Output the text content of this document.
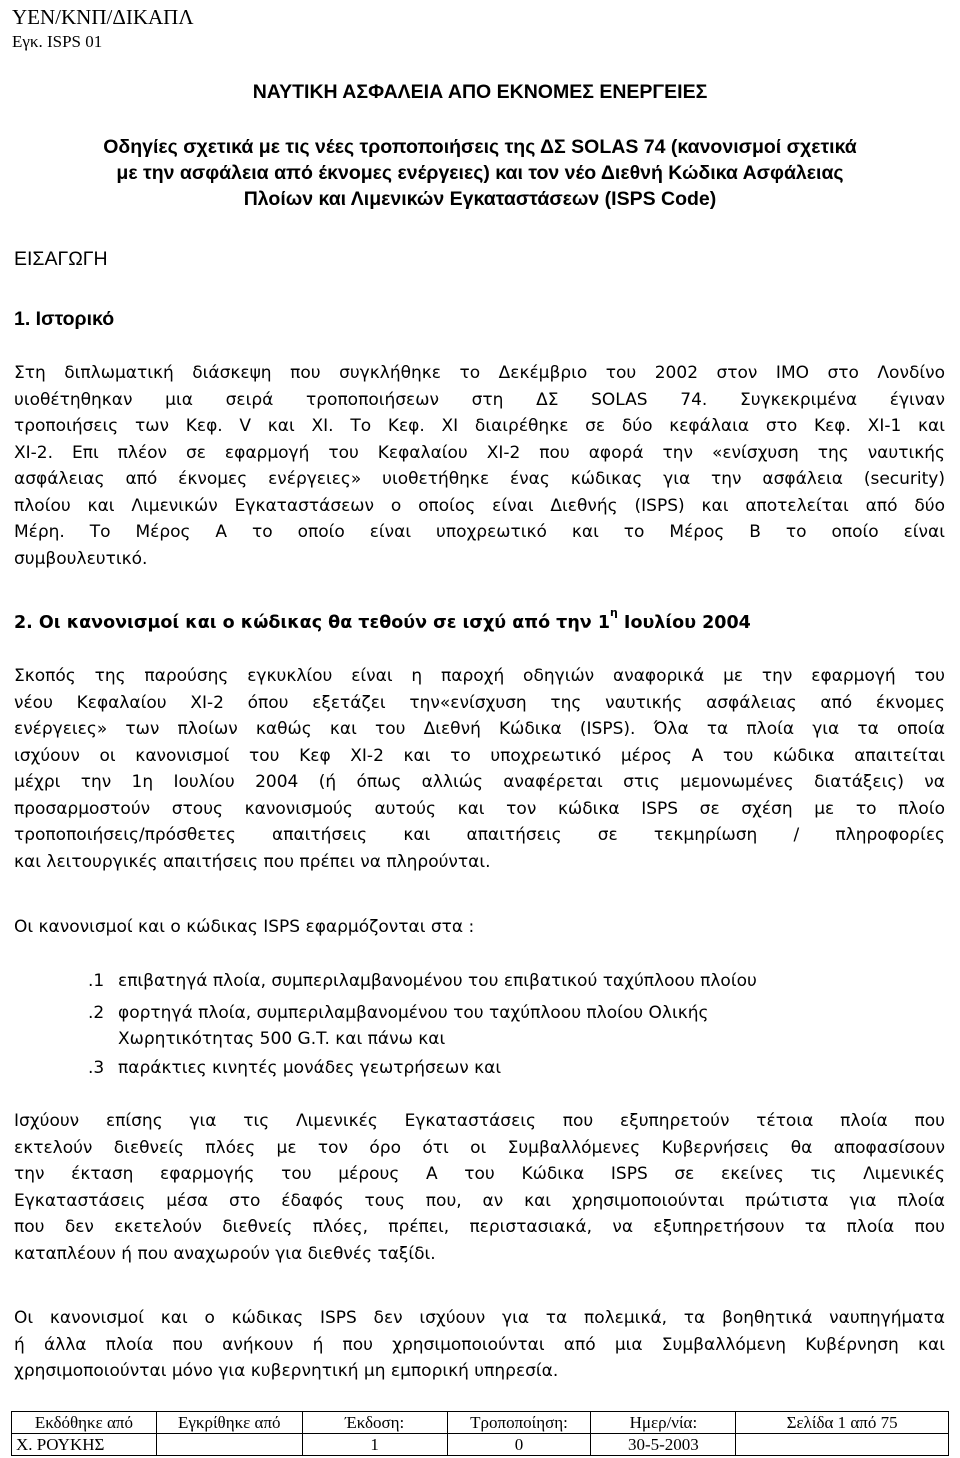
ΥΕΝ/ΚΝΠ/ΔΙΚΑΠΛ
Εγκ. ISPS 01
ΝΑΥΤΙΚΗ ΑΣΦΑΛΕΙΑ ΑΠΟ ΕΚΝΟΜΕΣ ΕΝΕΡΓΕΙΕΣ
Οδηγίες σχετικά με τις νέες τροποποιήσεις της ΔΣ SOLAS 74 (κανονισμοί σχετικά
με την ασφάλεια από έκνομες ενέργειες) και τον νέο Διεθνή Κώδικα Ασφάλειας
Πλοίων και Λιμενικών Εγκαταστάσεων (ISPS Code)
ΕΙΣΑΓΩΓΗ
1. Ιστορικό
Στη διπλωματική διάσκεψη που συγκλήθηκε το Δεκέμβριο του 2002 στον IMO στο Λονδίνο
υιοθέτηθηκαν μια σειρά τροποποιήσεων στη ΔΣ SOLAS 74. Συγκεκριμένα έγιναν
τροποιήσεις των Κεφ. V και XI. Το Κεφ. XI διαιρέθηκε σε δύο κεφάλαια στο Κεφ. XI-1 και
XI-2. Επι πλέον σε εφαρμογή του Κεφαλαίου XI-2 που αφορά την «ενίσχυση της ναυτικής
ασφάλειας από έκνομες ενέργειες» υιοθετήθηκε ένας κώδικας για την ασφάλεια (security)
πλοίου και Λιμενικών Εγκαταστάσεων ο οποίος είναι Διεθνής (ISPS) και αποτελείται από δύο
Μέρη. Το Μέρος Α το οποίο είναι υποχρεωτικό και το Μέρος Β το οποίο είναι
συμβουλευτικό.
2. Οι κανονισμοί και ο κώδικας θα τεθούν σε ισχύ από την $1^\eta$ Ιουλίου 2004
Σκοπός της παρούσης εγκυκλίου είναι η παροχή οδηγιών αναφορικά με την εφαρμογή του
νέου Κεφαλαίου XI-2 όπου εξετάζει την«ενίσχυση της ναυτικής ασφάλειας από έκνομες
ενέργειες» των πλοίων καθώς και του Διεθνή Κώδικα (ISPS). Όλα τα πλοία για τα οποία
ισχύουν οι κανονισμοί του Κεφ XI-2 και το υποχρεωτικό μέρος Α του κώδικα απαιτείται
μέχρι την 1η Ιουλίου 2004 (ή όπως αλλιώς αναφέρεται στις μεμονωμένες διατάξεις) να
προσαρμοστούν στους κανονισμούς αυτούς και τον κώδικα ISPS σε σχέση με το πλοίο
τροποποιήσεις/πρόσθετες απαιτήσεις και απαιτήσεις σε τεκμηρίωση / πληροφορίες
και λειτουργικές απαιτήσεις που πρέπει να πληρούνται.
Οι κανονισμοί και ο κώδικας ISPS εφαρμόζονται στα :
.1 επιβατηγά πλοία, συμπεριλαμβανομένου του επιβατικού ταχύπλοου πλοίου
.2 φορτηγά πλοία, συμπεριλαμβανομένου του ταχύπλοου πλοίου Ολικής
Χωρητικότητας 500 G.T. και πάνω και
.3 παράκτιες κινητές μονάδες γεωτρήσεων και
Ισχύουν επίσης για τις Λιμενικές Εγκαταστάσεις που εξυπηρετούν τέτοια πλοία που
εκτελούν διεθνείς πλόες με τον όρο ότι οι Συμβαλλόμενες Κυβερνήσεις θα αποφασίσουν
την έκταση εφαρμογής του μέρους Α του Κώδικα ISPS σε εκείνες τις Λιμενικές
Εγκαταστάσεις μέσα στο έδαφός τους που, αν και χρησιμοποιούνται πρώτιστα για πλοία
που δεν εκετελούν διεθνείς πλόες, πρέπει, περιστασιακά, να εξυπηρετήσουν τα πλοία που
καταπλέουν ή που αναχωρούν για διεθνές ταξίδι.
Οι κανονισμοί και ο κώδικας ISPS δεν ισχύουν για τα πολεμικά, τα βοηθητικά ναυπηγήματα
ή άλλα πλοία που ανήκουν ή που χρησιμοποιούνται από μια Συμβαλλόμενη Κυβέρνηση και
χρησιμοποιούνται μόνο για κυβερνητική μη εμπορική υπηρεσία.
Εκδόθηκε από	Εγκρίθηκε από	Έκδοση:	Τροποποίηση:	Ημερ/νία:	Σελίδα 1 από 75
Χ. ΡΟΥΚΗΣ		1	0	30-5-2003	
